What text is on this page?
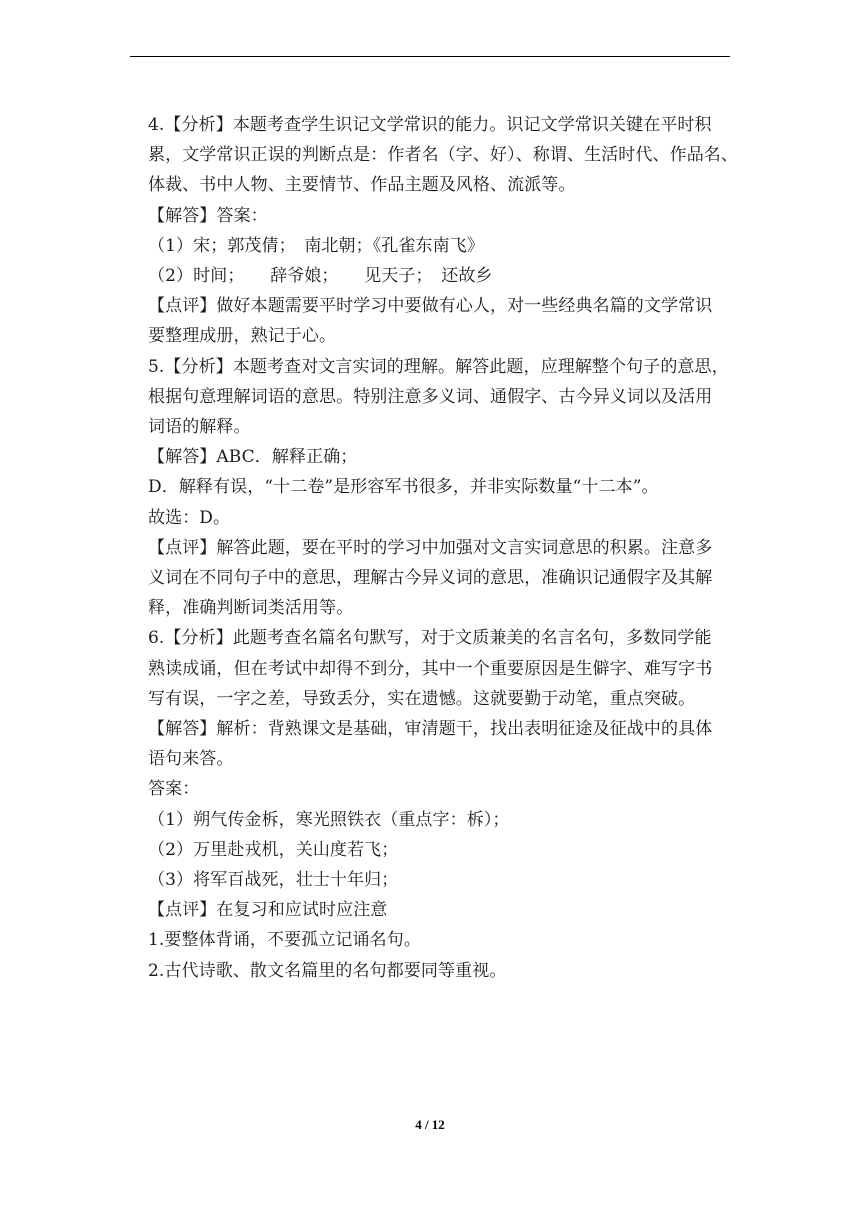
4.【分析】本题考查学生识记文学常识的能力。识记文学常识关键在平时积
累，文学常识正误的判断点是：作者名（字、好）、称谓、生活时代、作品名、
体裁、书中人物、主要情节、作品主题及风格、流派等。
【解答】答案：
（1）宋；郭茂倩；　南北朝；《孔雀东南飞》
（2）时间；　　辞爷娘；　　见天子；　还故乡
【点评】做好本题需要平时学习中要做有心人，对一些经典名篇的文学常识
要整理成册，熟记于心。
5.【分析】本题考查对文言实词的理解。解答此题，应理解整个句子的意思，
根据句意理解词语的意思。特别注意多义词、通假字、古今异义词以及活用
词语的解释。
【解答】ABC．解释正确；
D．解释有误，“十二卷”是形容军书很多，并非实际数量“十二本”。
故选：D。
【点评】解答此题，要在平时的学习中加强对文言实词意思的积累。注意多
义词在不同句子中的意思，理解古今异义词的意思，准确识记通假字及其解
释，准确判断词类活用等。
6.【分析】此题考查名篇名句默写，对于文质兼美的名言名句，多数同学能
熟读成诵，但在考试中却得不到分，其中一个重要原因是生僻字、难写字书
写有误，一字之差，导致丢分，实在遗憾。这就要勤于动笔，重点突破。
【解答】解析：背熟课文是基础，审清题干，找出表明征途及征战中的具体
语句来答。
答案：
（1）朔气传金柝，寒光照铁衣（重点字：柝）；
（2）万里赴戎机，关山度若飞；
（3）将军百战死，壮士十年归；
【点评】在复习和应试时应注意
1.要整体背诵，不要孤立记诵名句。
2.古代诗歌、散文名篇里的名句都要同等重视。
4 / 12
